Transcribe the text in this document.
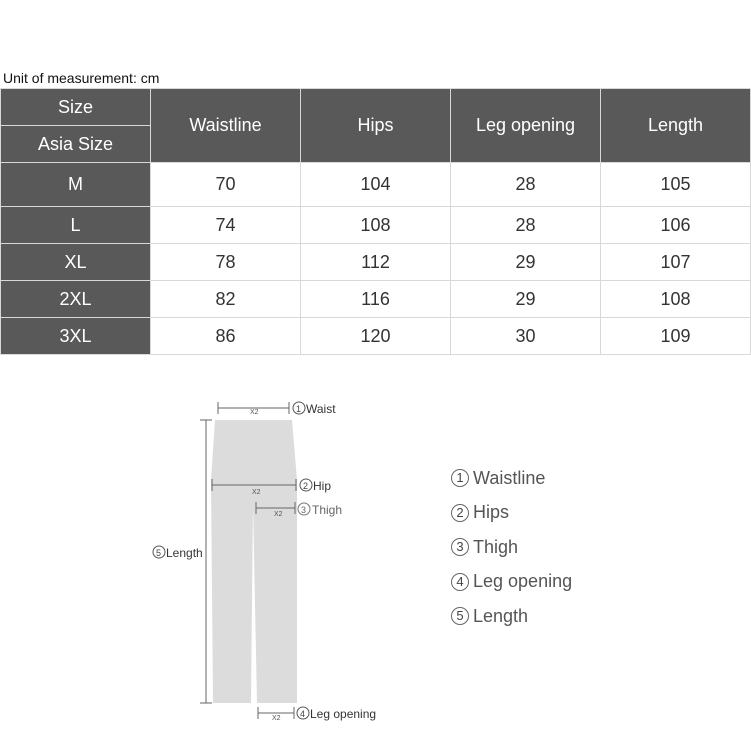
Unit of measurement: cm
Size	Waistline	Hips	Leg opening	Length
Asia Size				
M	70	104	28	105
L	74	108	28	106
XL	78	112	29	107
2XL	82	116	29	108
3XL	86	120	30	109
X2	1 Waist
X2
2 Hip
X2 3 Thigh
5 Length
X2 4 Leg opening
1 Waistline
2 Hips
3 Thigh
4 Leg opening
5 Length
